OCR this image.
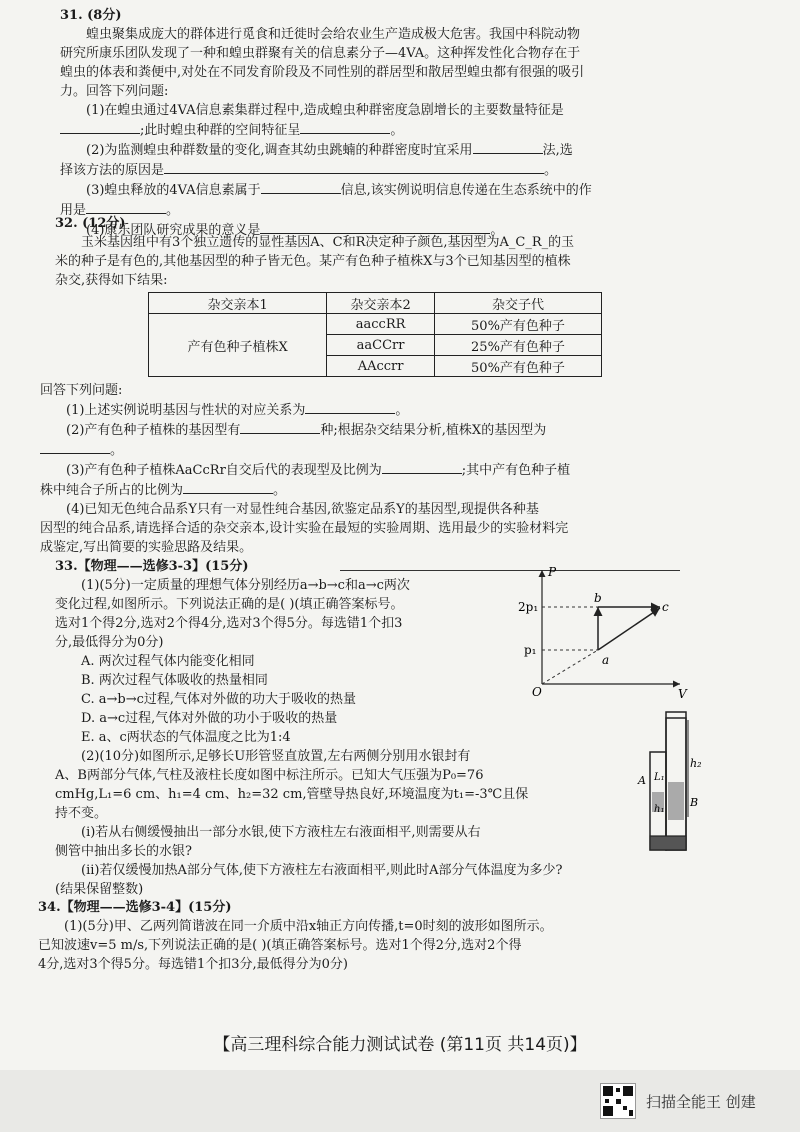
31. (8分)
蝗虫聚集成庞大的群体进行觅食和迁徙时会给农业生产造成极大危害。我国中科院动物
研究所康乐团队发现了一种和蝗虫群聚有关的信息素分子—4VA。这种挥发性化合物存在于
蝗虫的体表和粪便中,对处在不同发育阶段及不同性别的群居型和散居型蝗虫都有很强的吸引
力。回答下列问题:
(1)在蝗虫通过4VA信息素集群过程中,造成蝗虫种群密度急剧增长的主要数量特征是
;此时蝗虫种群的空间特征呈	。
(2)为监测蝗虫种群数量的变化,调查其幼虫跳蝻的种群密度时宜采用	法,选
择该方法的原因是	。
(3)蝗虫释放的4VA信息素属于	信息,该实例说明信息传递在生态系统中的作
用是	。
(4)康乐团队研究成果的意义是	。
32. (12分)
玉米基因组中有3个独立遗传的显性基因A、C和R决定种子颜色,基因型为A_C_R_的玉
米的种子是有色的,其他基因型的种子皆无色。某产有色种子植株X与3个已知基因型的植株
杂交,获得如下结果:
杂交亲本1	杂交亲本2	杂交子代
产有色种子植株X	aaccRR	50%产有色种子
	aaCCrr	25%产有色种子
	AAccrr	50%产有色种子
回答下列问题:
(1)上述实例说明基因与性状的对应关系为	。
(2)产有色种子植株的基因型有	种;根据杂交结果分析,植株X的基因型为
。
(3)产有色种子植株AaCcRr自交后代的表现型及比例为	;其中产有色种子植
株中纯合子所占的比例为	。
(4)已知无色纯合品系Y只有一对显性纯合基因,欲鉴定品系Y的基因型,现提供各种基
因型的纯合品系,请选择合适的杂交亲本,设计实验在最短的实验周期、选用最少的实验材料完
成鉴定,写出简要的实验思路及结果。
33.【物理——选修3-3】(15分)
(1)(5分)一定质量的理想气体分别经历a→b→c和a→c两次
变化过程,如图所示。下列说法正确的是( )(填正确答案标号。
选对1个得2分,选对2个得4分,选对3个得5分。每选错1个扣3
分,最低得分为0分)
A. 两次过程气体内能变化相同
B. 两次过程气体吸收的热量相同
C. a→b→c过程,气体对外做的功大于吸收的热量
D. a→c过程,气体对外做的功小于吸收的热量
E. a、c两状态的气体温度之比为1:4
(2)(10分)如图所示,足够长U形管竖直放置,左右两侧分别用水银封有
A、B两部分气体,气柱及液柱长度如图中标注所示。已知大气压强为P₀=76
cmHg,L₁=6 cm、h₁=4 cm、h₂=32 cm,管壁导热良好,环境温度为t₁=-3℃且保
持不变。
(i)若从右侧缓慢抽出一部分水银,使下方液柱左右液面相平,则需要从右
侧管中抽出多长的水银?
(ii)若仅缓慢加热A部分气体,使下方液柱左右液面相平,则此时A部分气体温度为多少?
(结果保留整数)
P
V
O
2p₁
p₁
a
b
c
h₂
A L₁
h₁
B
34.【物理——选修3-4】(15分)
(1)(5分)甲、乙两列简谐波在同一介质中沿x轴正方向传播,t=0时刻的波形如图所示。
已知波速v=5 m/s,下列说法正确的是( )(填正确答案标号。选对1个得2分,选对2个得
4分,选对3个得5分。每选错1个扣3分,最低得分为0分)
【高三理科综合能力测试试卷 (第11页 共14页)】
扫描全能王 创建
